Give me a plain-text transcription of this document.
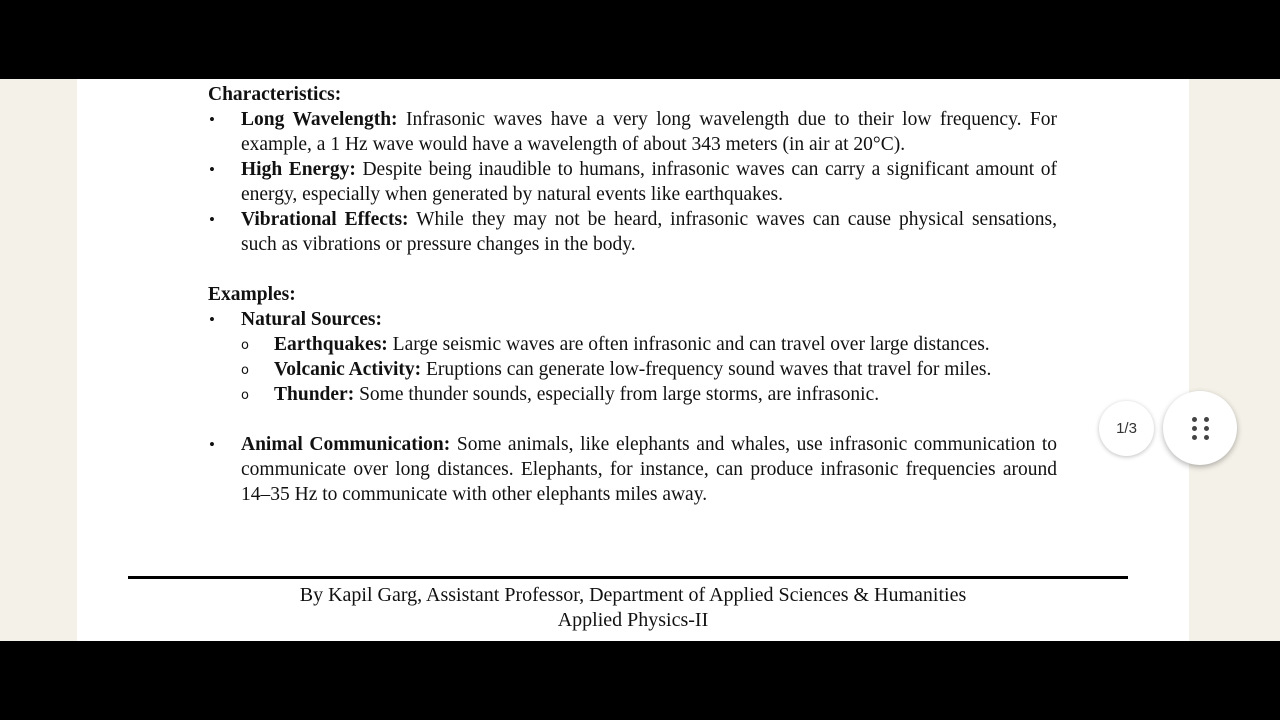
Characteristics:
• Long Wavelength: Infrasonic waves have a very long wavelength due to their low frequency. For example, a 1 Hz wave would have a wavelength of about 343 meters (in air at 20°C).
• High Energy: Despite being inaudible to humans, infrasonic waves can carry a significant amount of energy, especially when generated by natural events like earthquakes.
• Vibrational Effects: While they may not be heard, infrasonic waves can cause physical sensations, such as vibrations or pressure changes in the body.
Examples:
• Natural Sources:
o Earthquakes: Large seismic waves are often infrasonic and can travel over large distances.
o Volcanic Activity: Eruptions can generate low-frequency sound waves that travel for miles.
o Thunder: Some thunder sounds, especially from large storms, are infrasonic.
• Animal Communication: Some animals, like elephants and whales, use infrasonic communication to communicate over long distances. Elephants, for instance, can produce infrasonic frequencies around 14–35 Hz to communicate with other elephants miles away.
By Kapil Garg, Assistant Professor, Department of Applied Sciences & Humanities
Applied Physics-II
1/3
